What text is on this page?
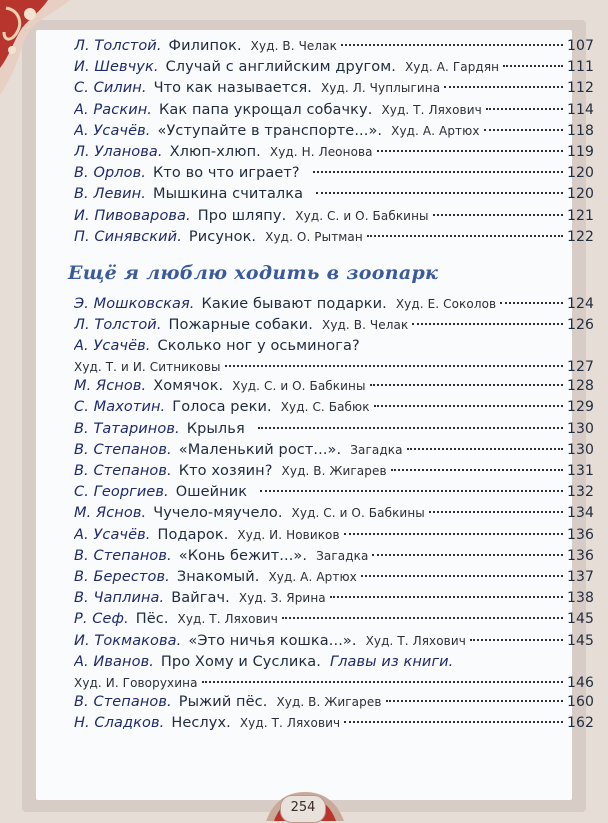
Л. Толстой. Филипок. Худ. В. Челак	107
И. Шевчук. Случай с английским другом. Худ. А. Гардян	111
С. Силин. Что как называется. Худ. Л. Чуплыгина	112
А. Раскин. Как папа укрощал собачку. Худ. Т. Ляхович	114
А. Усачёв. «Уступайте в транспорте...». Худ. А. Артюх	118
Л. Уланова. Хлюп-хлюп. Худ. Н. Леонова	119
В. Орлов. Кто во что играет?	120
В. Левин. Мышкина считалка	120
И. Пивоварова. Про шляпу. Худ. С. и О. Бабкины	121
П. Синявский. Рисунок. Худ. О. Рытман	122
Ещё я люблю ходить в зоопарк
Э. Мошковская. Какие бывают подарки. Худ. Е. Соколов	124
Л. Толстой. Пожарные собаки. Худ. В. Челак	126
А. Усачёв. Сколько ног у осьминога?
Худ. Т. и И. Ситниковы	127
М. Яснов. Хомячок. Худ. С. и О. Бабкины	128
С. Махотин. Голоса реки. Худ. С. Бабюк	129
В. Татаринов. Крылья	130
В. Степанов. «Маленький рост...». Загадка	130
В. Степанов. Кто хозяин? Худ. В. Жигарев	131
С. Георгиев. Ошейник	132
М. Яснов. Чучело-мяучело. Худ. С. и О. Бабкины	134
А. Усачёв. Подарок. Худ. И. Новиков	136
В. Степанов. «Конь бежит...». Загадка	136
В. Берестов. Знакомый. Худ. А. Артюх	137
В. Чаплина. Вайгач. Худ. З. Ярина	138
Р. Сеф. Пёс. Худ. Т. Ляхович	145
И. Токмакова. «Это ничья кошка...». Худ. Т. Ляхович	145
А. Иванов. Про Хому и Суслика. Главы из книги.
Худ. И. Говорухина	146
В. Степанов. Рыжий пёс. Худ. В. Жигарев	160
Н. Сладков. Неслух. Худ. Т. Ляхович	162
254
